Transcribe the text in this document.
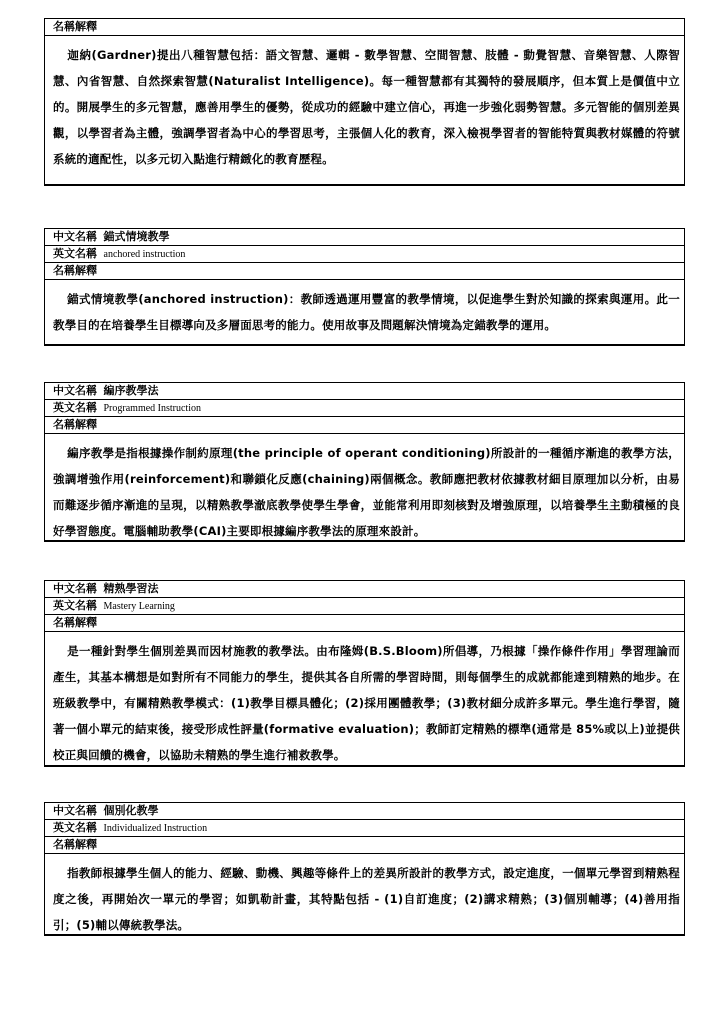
名稱解釋
迦納(Gardner)提出八種智慧包括：語文智慧、邏輯 - 數學智慧、空間智慧、肢體 - 動覺智慧、音樂智慧、人際智慧、內省智慧、自然探索智慧(Naturalist Intelligence)。每一種智慧都有其獨特的發展順序，但本質上是價值中立的。開展學生的多元智慧，應善用學生的優勢，從成功的經驗中建立信心，再進一步強化弱勢智慧。多元智能的個別差異觀，以學習者為主體，強調學習者為中心的學習思考，主張個人化的教育，深入檢視學習者的智能特質與教材媒體的符號系統的適配性，以多元切入點進行精緻化的教育歷程。
中文名稱 錨式情境教學
英文名稱 anchored instruction
名稱解釋
錨式情境教學(anchored instruction)：教師透過運用豐富的教學情境，以促進學生對於知識的探索與運用。此一教學目的在培養學生目標導向及多層面思考的能力。使用故事及問題解決情境為定錨教學的運用。
中文名稱 編序教學法
英文名稱 Programmed Instruction
名稱解釋
編序教學是指根據操作制約原理(the principle of operant conditioning)所設計的一種循序漸進的教學方法，強調增強作用(reinforcement)和聯鎖化反應(chaining)兩個概念。教師應把教材依據教材細目原理加以分析，由易而難逐步循序漸進的呈現，以精熟教學澈底教學使學生學會，並能常利用即刻核對及增強原理，以培養學生主動積極的良好學習態度。電腦輔助教學(CAI)主要即根據編序教學法的原理來設計。
中文名稱 精熟學習法
英文名稱 Mastery Learning
名稱解釋
是一種針對學生個別差異而因材施教的教學法。由布隆姆(B.S.Bloom)所倡導，乃根據「操作條件作用」學習理論而產生，其基本構想是如對所有不同能力的學生，提供其各自所需的學習時間，則每個學生的成就都能達到精熟的地步。在班級教學中，有關精熟教學模式：(1)教學目標具體化；(2)採用團體教學；(3)教材細分成許多單元。學生進行學習，隨著一個小單元的結束後，接受形成性評量(formative evaluation)；教師訂定精熟的標準(通常是 85%或以上)並提供校正與回饋的機會，以協助未精熟的學生進行補救教學。
中文名稱 個別化教學
英文名稱 Individualized Instruction
名稱解釋
指教師根據學生個人的能力、經驗、動機、興趣等條件上的差異所設計的教學方式，設定進度，一個單元學習到精熟程度之後，再開始次一單元的學習；如凱勒計畫，其特點包括 - (1)自訂進度；(2)講求精熟；(3)個別輔導；(4)善用指引；(5)輔以傳統教學法。
